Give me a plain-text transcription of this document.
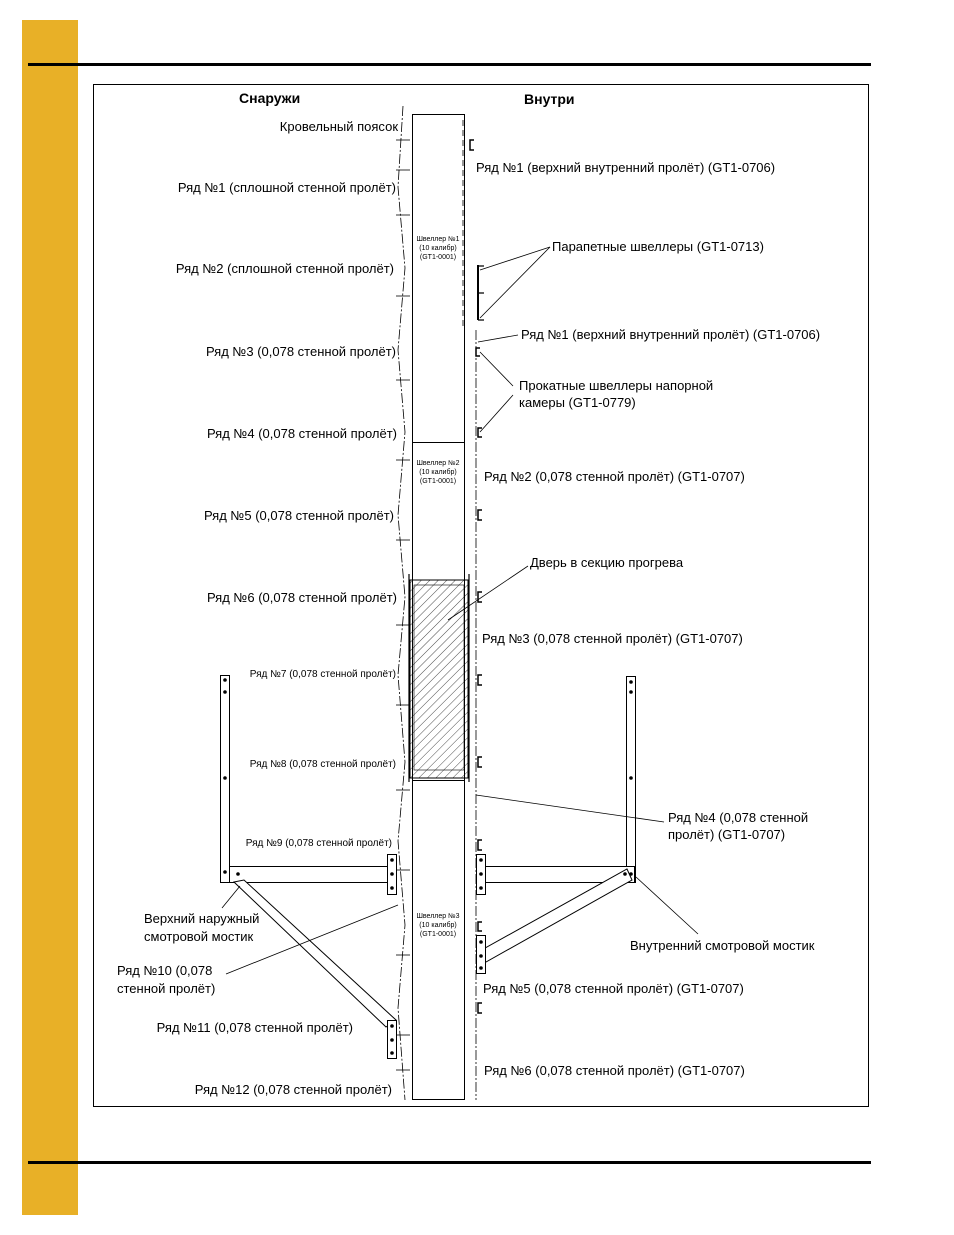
Снаружи	Внутри
Кровельный поясок
Ряд №1 (сплошной стенной пролёт)
Ряд №2 (сплошной стенной пролёт)
Ряд №3 (0,078 стенной пролёт)
Ряд №4 (0,078 стенной пролёт)
Ряд №5 (0,078 стенной пролёт)
Ряд №6 (0,078 стенной пролёт)
Ряд №7 (0,078 стенной пролёт)
Ряд №8 (0,078 стенной пролёт)
Ряд №9 (0,078 стенной пролёт)
Ряд №11 (0,078 стенной пролёт)
Ряд №12 (0,078 стенной пролёт)
Верхний наружный
смотровой мостик
Ряд №10 (0,078
стенной пролёт)
Ряд №1 (верхний внутренний пролёт) (GT1-0706)
Парапетные швеллеры (GT1-0713)
Ряд №1 (верхний внутренний пролёт) (GT1-0706)
Прокатные швеллеры напорной
камеры (GT1-0779)
Ряд №2 (0,078 стенной пролёт) (GT1-0707)
Дверь в секцию прогрева
Ряд №3 (0,078 стенной пролёт) (GT1-0707)
Ряд №4 (0,078 стенной
пролёт) (GT1-0707)
Внутренний смотровой мостик
Ряд №5 (0,078 стенной пролёт) (GT1-0707)
Ряд №6 (0,078 стенной пролёт) (GT1-0707)
Швеллер №1
(10 калибр)
(GT1-0001)
Швеллер №2
(10 калибр)
(GT1-0001)
Швеллер №3
(10 калибр)
(GT1-0001)
